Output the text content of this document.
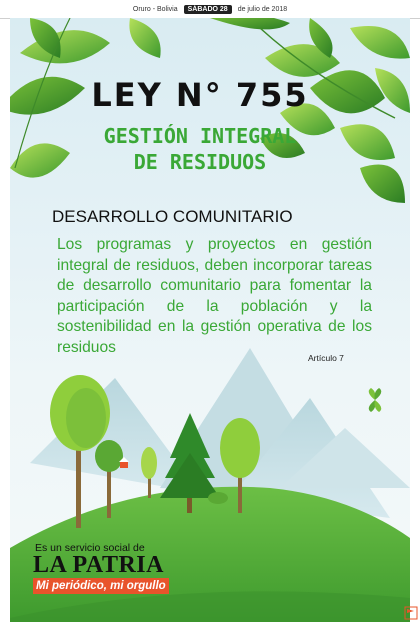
Oruro - Bolivia	SÁBADO 28	de julio de 2018
LEY N° 755
GESTIÓN INTEGRAL
DE RESIDUOS
DESARROLLO COMUNITARIO
Los programas y proyectos en gestión integral de residuos, deben incorporar tareas de desarrollo comunitario para fomentar la participación de la población y la sostenibilidad en la gestión operativa de los residuos
Artículo 7
Es un servicio social de
LA PATRIA
Mi periódico, mi orgullo
